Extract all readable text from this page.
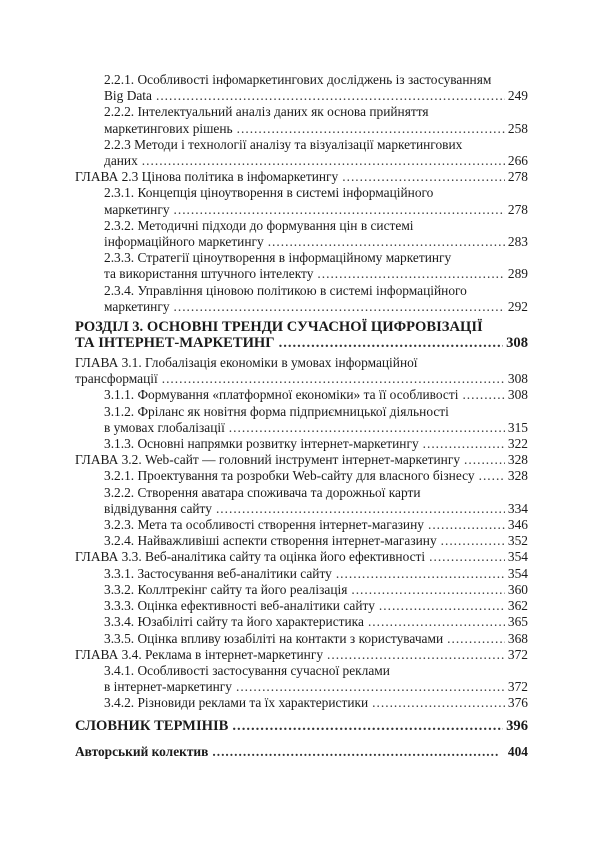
2.2.1. Особливості інфомаркетингових досліджень із застосуванням
Big Data .....	249
2.2.2. Інтелектуальний аналіз даних як основа прийняття
маркетингових рішень .....	258
2.2.3 Методи і технології аналізу та візуалізації маркетингових
даних .....	266
ГЛАВА 2.3 Цінова політика в інфомаркетингу .....	278
2.3.1. Концепція ціноутворення в системі інформаційного
маркетингу .....	278
2.3.2. Методичні підходи до формування цін в системі
інформаційного маркетингу .....	283
2.3.3. Стратегії ціноутворення в інформаційному маркетингу
та використання штучного інтелекту .....	289
2.3.4. Управління ціновою політикою в системі інформаційного
маркетингу .....	292
РОЗДІЛ 3. ОСНОВНІ ТРЕНДИ СУЧАСНОЇ ЦИФРОВІЗАЦІЇ
ТА ІНТЕРНЕТ-МАРКЕТИНГ .....	308
ГЛАВА 3.1. Глобалізація економіки в умовах інформаційної
трансформації .....	308
3.1.1. Формування «платформної економіки» та її особливості .....	308
3.1.2. Фріланс як новітня форма підприємницької діяльності
в умовах глобалізації .....	315
3.1.3. Основні напрямки розвитку інтернет-маркетингу .....	322
ГЛАВА 3.2. Web-сайт — головний інструмент інтернет-маркетингу .....	328
3.2.1. Проектування та розробки Web-сайту для власного бізнесу ..... 328
3.2.2. Створення аватара споживача та дорожньої карти
відвідування сайту .....	334
3.2.3. Мета та особливості створення інтернет-магазину .....	346
3.2.4. Найважливіші аспекти створення інтернет-магазину .....	352
ГЛАВА 3.3. Веб-аналітика сайту та оцінка його ефективності .....	354
3.3.1. Застосування веб-аналітики сайту .....	354
3.3.2. Коллтрекінг сайту та його реалізація .....	360
3.3.3. Оцінка ефективності веб-аналітики сайту .....	362
3.3.4. Юзабіліті сайту та його характеристика .....	365
3.3.5. Оцінка впливу юзабіліті на контакти з користувачами .....	368
ГЛАВА 3.4. Реклама в інтернет-маркетингу .....	372
3.4.1. Особливості застосування сучасної реклами
в інтернет-маркетингу .....	372
3.4.2. Різновиди реклами та їх характеристики .....	376
СЛОВНИК ТЕРМІНІВ .....	396
Авторський колектив .....	404
